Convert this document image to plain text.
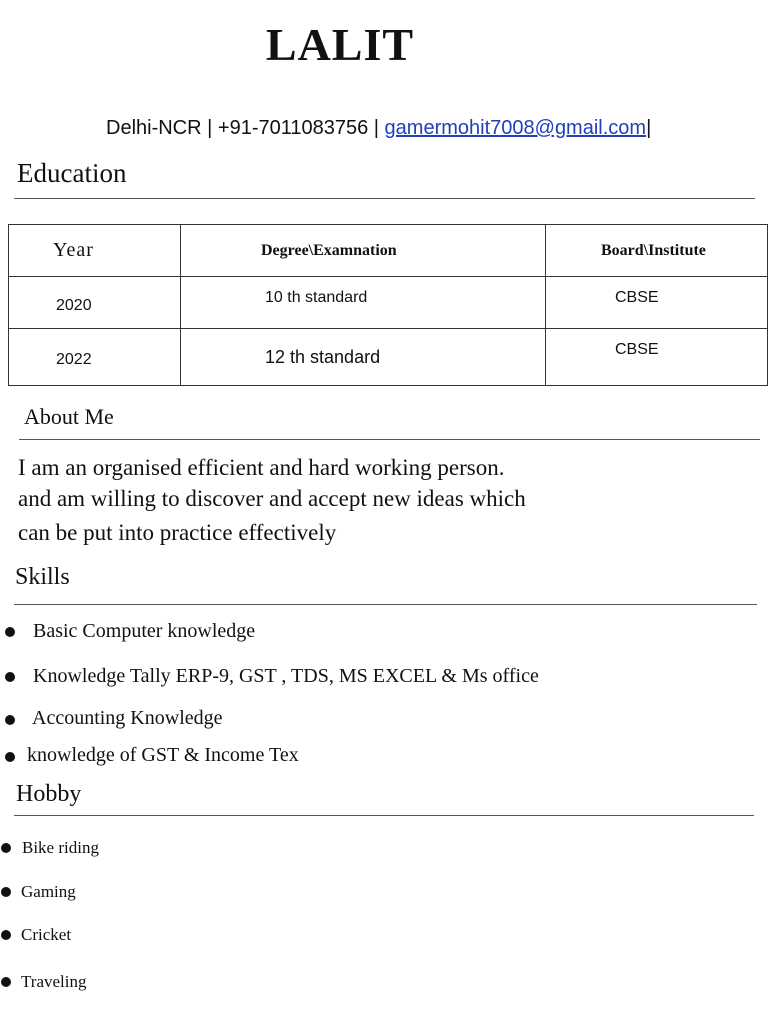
LALIT
Delhi-NCR | +91-7011083756 | gamermohit7008@gmail.com|
Education
Year	Degree\Examnation	Board\Institute
2020	10 th standard	CBSE
2022	12 th standard	CBSE
About Me
I am an organised efficient and hard working person.
and am willing to discover and accept new ideas which
can be put into practice effectively
Skills
Basic Computer knowledge
Knowledge Tally ERP-9, GST , TDS, MS EXCEL & Ms office
Accounting Knowledge
knowledge of GST & Income Tex
Hobby
Bike riding
Gaming
Cricket
Traveling
